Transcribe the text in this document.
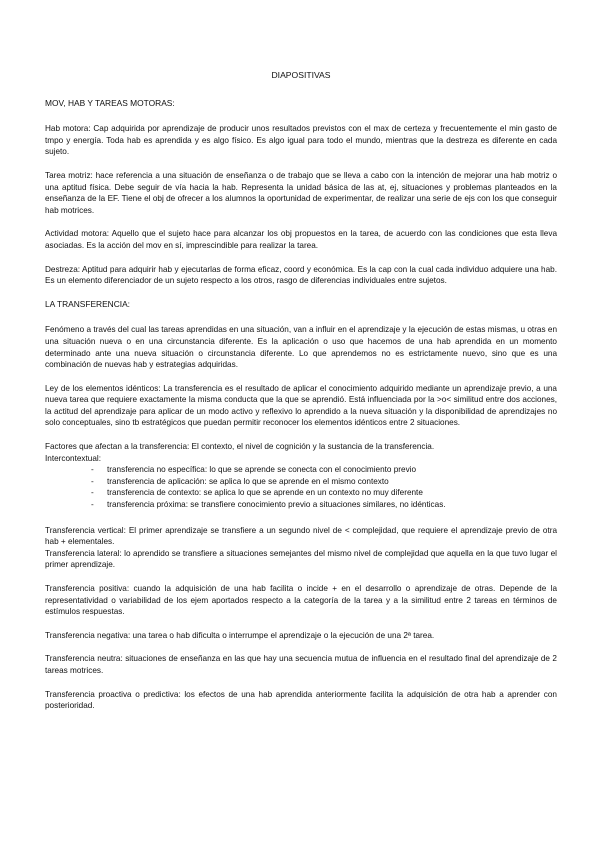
DIAPOSITIVAS
MOV, HAB Y TAREAS MOTORAS:

Hab motora: Cap adquirida por aprendizaje de producir unos resultados previstos con el max de certeza y frecuentemente el min gasto de tmpo y energía. Toda hab es aprendida y es algo físico. Es algo igual para todo el mundo, mientras que la destreza es diferente en cada sujeto.

Tarea motriz: hace referencia a una situación de enseñanza o de trabajo que se lleva a cabo con la intención de mejorar una hab motriz o una aptitud física. Debe seguir de vía hacia la hab. Representa la unidad básica de las at, ej, situaciones y problemas planteados en la enseñanza de la EF. Tiene el obj de ofrecer a los alumnos la oportunidad de experimentar, de realizar una serie de ejs con los que conseguir hab motrices.

Actividad motora: Aquello que el sujeto hace para alcanzar los obj propuestos en la tarea, de acuerdo con las condiciones que esta lleva asociadas. Es la acción del mov en sí, imprescindible para realizar la tarea.

Destreza: Aptitud para adquirir hab y ejecutarlas de forma eficaz, coord y económica. Es la cap con la cual cada individuo adquiere una hab. Es un elemento diferenciador de un sujeto respecto a los otros, rasgo de diferencias individuales entre sujetos.

LA TRANSFERENCIA:

Fenómeno a través del cual las tareas aprendidas en una situación, van a influir en el aprendizaje y la ejecución de estas mismas, u otras en una situación nueva o en una circunstancia diferente. Es la aplicación o uso que hacemos de una hab aprendida en un momento determinado ante una nueva situación o circunstancia diferente. Lo que aprendemos no es estrictamente nuevo, sino que es una combinación de nuevas hab y estrategias adquiridas.

Ley de los elementos idénticos: La transferencia es el resultado de aplicar el conocimiento adquirido mediante un aprendizaje previo, a una nueva tarea que requiere exactamente la misma conducta que la que se aprendió. Está influenciada por la >o< similitud entre dos acciones, la actitud del aprendizaje para aplicar de un modo activo y reflexivo lo aprendido a la nueva situación y la disponibilidad de aprendizajes no solo conceptuales, sino tb estratégicos que puedan permitir reconocer los elementos idénticos entre 2 situaciones.

Factores que afectan a la transferencia: El contexto, el nivel de cognición y la sustancia de la transferencia.

Intercontextual:

- transferencia no específica: lo que se aprende se conecta con el conocimiento previo
- transferencia de aplicación: se aplica lo que se aprende en el mismo contexto
- transferencia de contexto: se aplica lo que se aprende en un contexto no muy diferente
- transferencia próxima: se transfiere conocimiento previo a situaciones similares, no idénticas.

Transferencia vertical: El primer aprendizaje se transfiere a un segundo nivel de < complejidad, que requiere el aprendizaje previo de otra hab + elementales.

Transferencia lateral: lo aprendido se transfiere a situaciones semejantes del mismo nivel de complejidad que aquella en la que tuvo lugar el primer aprendizaje.

Transferencia positiva: cuando la adquisición de una hab facilita o incide + en el desarrollo o aprendizaje de otras. Depende de la representatividad o variabilidad de los ejem aportados respecto a la categoría de la tarea y a la similitud entre 2 tareas en términos de estímulos respuestas.

Transferencia negativa: una tarea o hab dificulta o interrumpe el aprendizaje o la ejecución de una 2ª tarea.

Transferencia neutra: situaciones de enseñanza en las que hay una secuencia mutua de influencia en el resultado final del aprendizaje de 2 tareas motrices.

Transferencia proactiva o predictiva: los efectos de una hab aprendida anteriormente facilita la adquisición de otra hab a aprender con posterioridad.
